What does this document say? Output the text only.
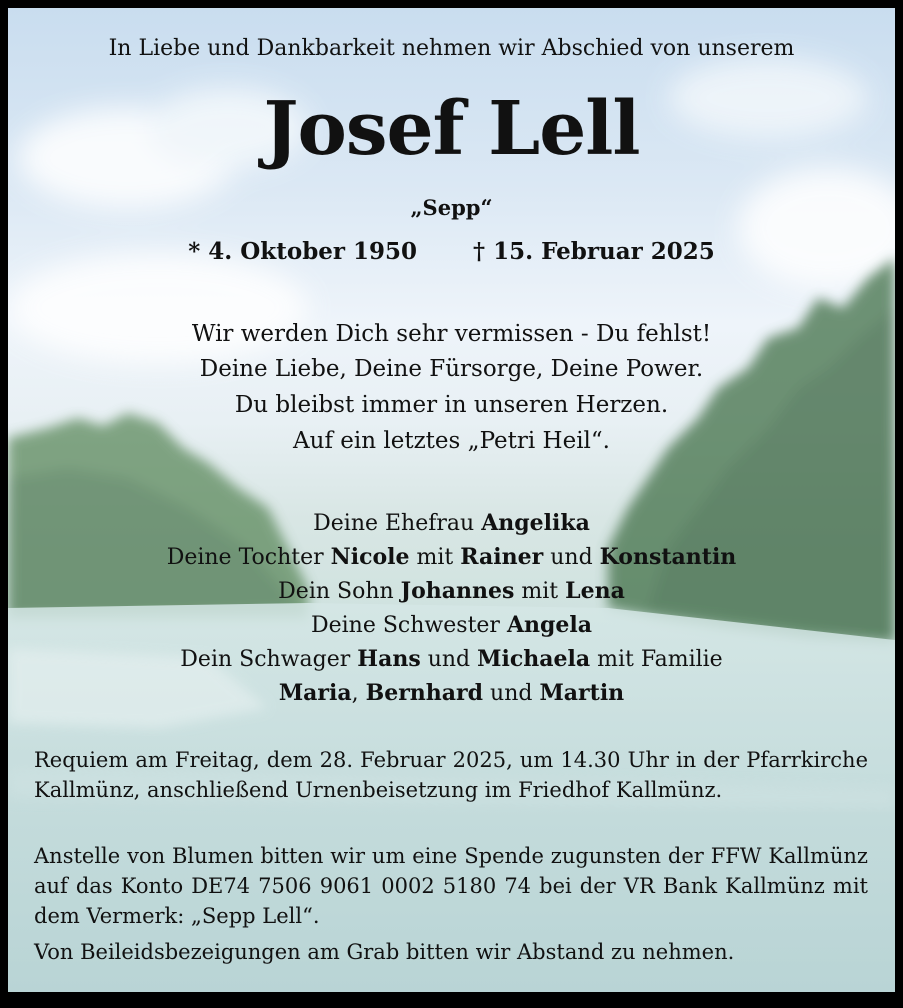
In Liebe und Dankbarkeit nehmen wir Abschied von unserem
Josef Lell
„Sepp“
* 4. Oktober 1950 † 15. Februar 2025
Wir werden Dich sehr vermissen - Du fehlst!
Deine Liebe, Deine Fürsorge, Deine Power.
Du bleibst immer in unseren Herzen.
Auf ein letztes „Petri Heil“.
Deine Ehefrau Angelika
Deine Tochter Nicole mit Rainer und Konstantin
Dein Sohn Johannes mit Lena
Deine Schwester Angela
Dein Schwager Hans und Michaela mit Familie
Maria, Bernhard und Martin
Requiem am Freitag, dem 28. Februar 2025, um 14.30 Uhr in der Pfarrkirche Kallmünz, anschließend Urnenbeisetzung im Friedhof Kallmünz.
Anstelle von Blumen bitten wir um eine Spende zugunsten der FFW Kallmünz auf das Konto DE74 7506 9061 0002 5180 74 bei der VR Bank Kallmünz mit dem Vermerk: „Sepp Lell“.
Von Beileidsbezeigungen am Grab bitten wir Abstand zu nehmen.
